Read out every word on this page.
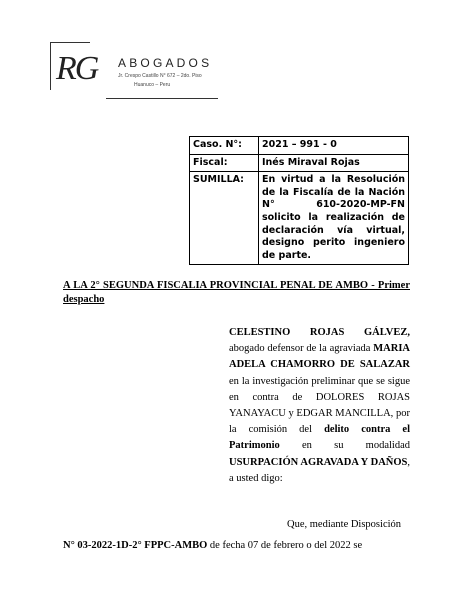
RG ABOGADOS
Jr. Crespo Castillo N° 672 – 2do. Piso
Huanuco – Peru
Caso. N°:	2021 – 991 - 0
Fiscal:	Inés Miraval Rojas
SUMILLA:	En virtud a la Resolución de la Fiscalía de la Nación N° 610-2020-MP-FN solicito la realización de declaración vía virtual, designo perito ingeniero de parte.
A LA 2° SEGUNDA FISCALIA PROVINCIAL PENAL DE AMBO - Primer despacho
CELESTINO ROJAS GÁLVEZ, abogado defensor de la agraviada MARIA ADELA CHAMORRO DE SALAZAR en la investigación preliminar que se sigue en contra de DOLORES ROJAS YANAYACU y EDGAR MANCILLA, por la comisión del delito contra el Patrimonio en su modalidad USURPACIÓN AGRAVADA Y DAÑOS, a usted digo:
Que, mediante Disposición
N° 03-2022-1D-2° FPPC-AMBO de fecha 07 de febrero o del 2022 se
